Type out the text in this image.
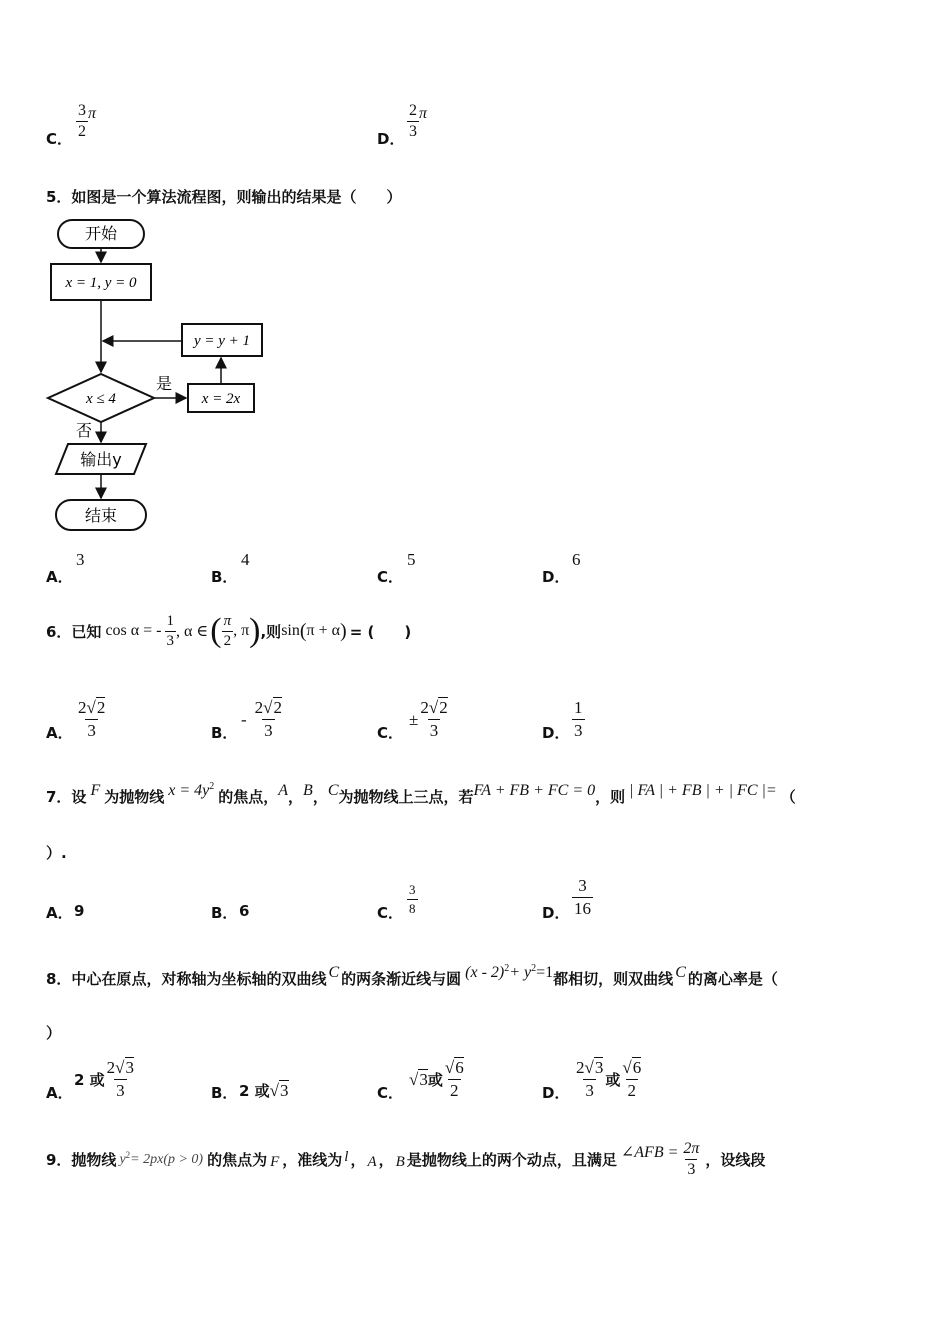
C． $\frac{3}{2}$ π
D． $\frac{2}{3}$ π
5．如图是一个算法流程图，则输出的结果是（　　）
开始
x = 1, y = 0
y = y + 1
x ≤ 4
是
x = 2x
否
输出y
结束
A．
3
B．
4
C．
5
D．
6
6．已知 cos α = - $\frac{1}{3}$ , α ∈ ( $\frac{\pi}{2}$ , π ) ,则 sin ( π + α ) = (　　)
A． $\frac{2√2}{3}$	B．
- $\frac{2√2}{3}$	C．
± $\frac{2√2}{3}$	D． $\frac{1}{3}$
7．设 F 为抛物线 $x = 4y^2$
的焦点， A ， B ， C 为抛物线上三点，若 FA + FB + FC = 0 ，则 | FA | + FB | + | FC |= （
）.
A． 9	B． 6	C． $\frac{3}{8}$	D． $\frac{3}{16}$
8．中心在原点，对称轴为坐标轴的双曲线 C 的两条渐近线与圆 $(x - 2)^2 + y^2 =1$ 都相切，则双曲线 C 的离心率是（
）
A．
2 或 $\frac{2√3}{3}$	B． 2 或 √3	C．
√3 或 $\frac{√6}{2}$	D． $\frac{2√3}{3}$ 或 $\frac{√6}{2}$
9．抛物线 $y^2 = 2px(p > 0)$ 的焦点为 F ，准线为 l ， A ， B 是抛物线上的两个动点，且满足 ∠AFB = $\frac{2\pi}{3}$ ，设线段
